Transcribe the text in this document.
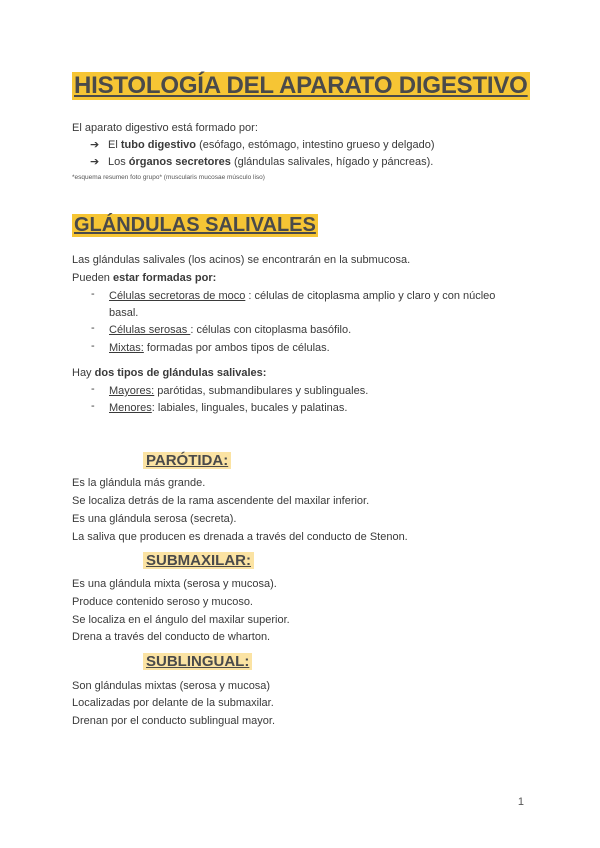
HISTOLOGÍA DEL APARATO DIGESTIVO
El aparato digestivo está formado por:
➔ El tubo digestivo (esófago, estómago, intestino grueso y delgado)
➔ Los órganos secretores (glándulas salivales, hígado y páncreas).
*esquema resumen foto grupo* (muscularis mucosae músculo liso)
GLÁNDULAS SALIVALES
Las glándulas salivales (los acinos) se encontrarán en la submucosa.
Pueden estar formadas por:
- Células secretoras de moco : células de citoplasma amplio y claro y con núcleo
basal.
- Células serosas : células con citoplasma basófilo.
- Mixtas: formadas por ambos tipos de células.
Hay dos tipos de glándulas salivales:
- Mayores: parótidas, submandibulares y sublinguales.
- Menores: labiales, linguales, bucales y palatinas.
PARÓTIDA:
Es la glándula más grande.
Se localiza detrás de la rama ascendente del maxilar inferior.
Es una glándula serosa (secreta).
La saliva que producen es drenada a través del conducto de Stenon.
SUBMAXILAR:
Es una glándula mixta (serosa y mucosa).
Produce contenido seroso y mucoso.
Se localiza en el ángulo del maxilar superior.
Drena a través del conducto de wharton.
SUBLINGUAL:
Son glándulas mixtas (serosa y mucosa)
Localizadas por delante de la submaxilar.
Drenan por el conducto sublingual mayor.
1
